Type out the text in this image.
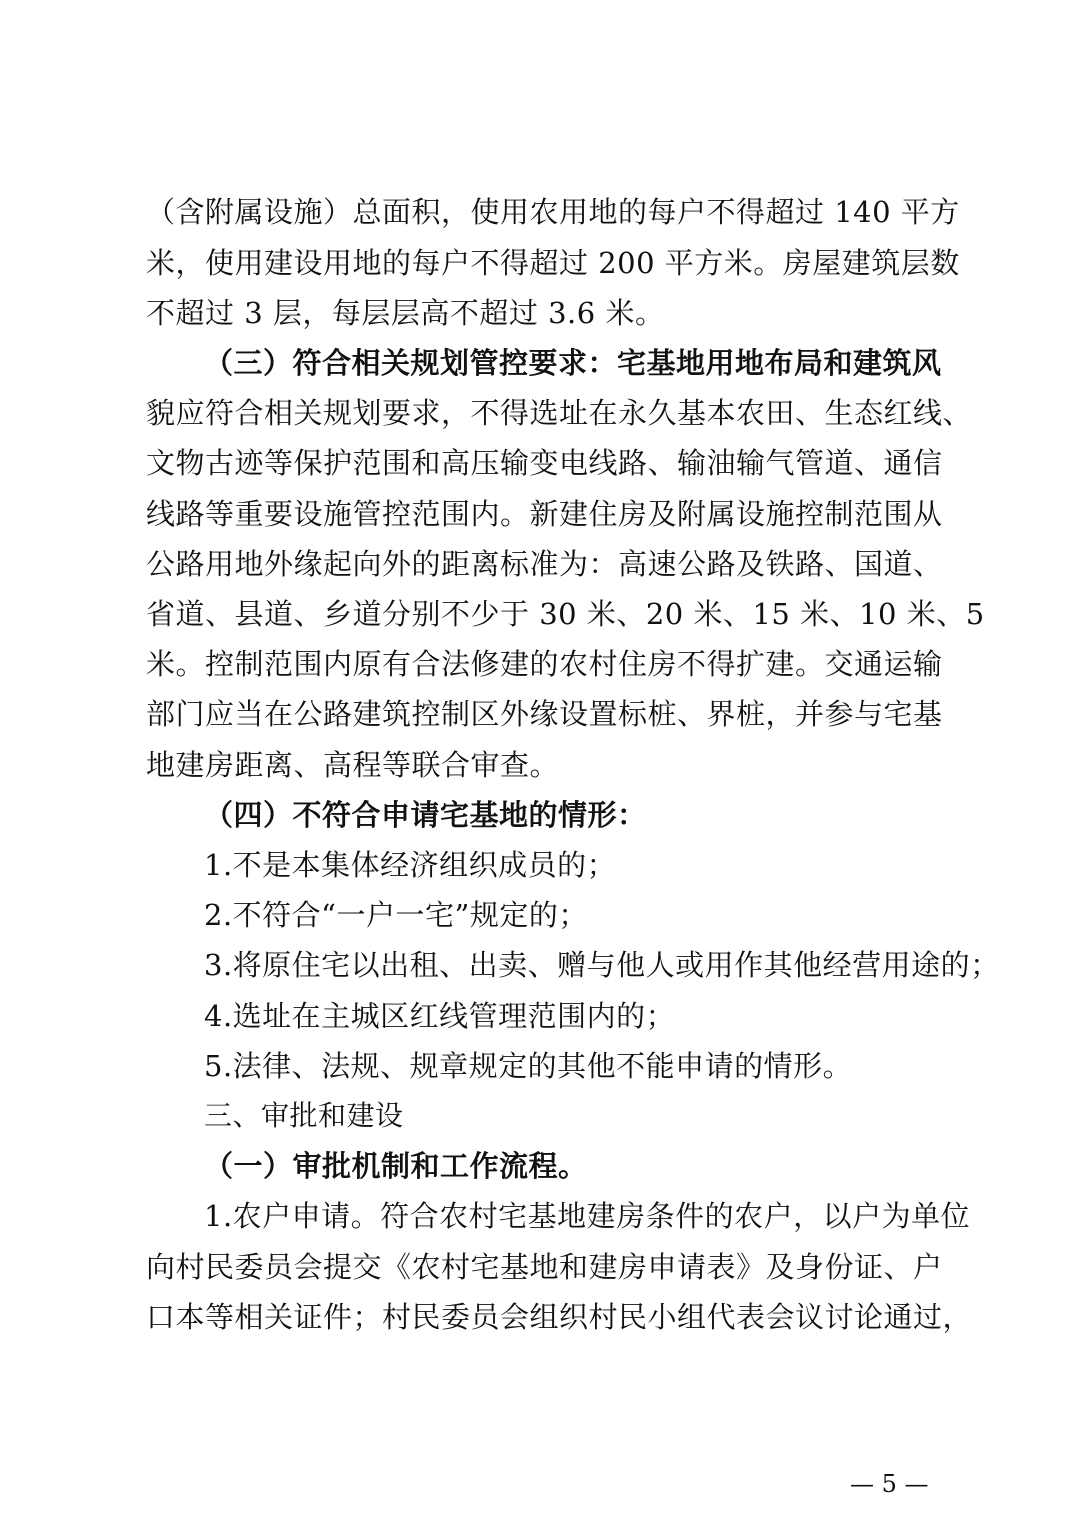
（含附属设施）总面积，使用农用地的每户不得超过 140 平方
米，使用建设用地的每户不得超过 200 平方米。房屋建筑层数
不超过 3 层，每层层高不超过 3.6 米。
（三）符合相关规划管控要求：宅基地用地布局和建筑风
貌应符合相关规划要求，不得选址在永久基本农田、生态红线、
文物古迹等保护范围和高压输变电线路、输油输气管道、通信
线路等重要设施管控范围内。新建住房及附属设施控制范围从
公路用地外缘起向外的距离标准为：高速公路及铁路、国道、
省道、县道、乡道分别不少于 30 米、20 米、15 米、10 米、5
米。控制范围内原有合法修建的农村住房不得扩建。交通运输
部门应当在公路建筑控制区外缘设置标桩、界桩，并参与宅基
地建房距离、高程等联合审查。
（四）不符合申请宅基地的情形：
1.不是本集体经济组织成员的；
2.不符合“一户一宅”规定的；
3.将原住宅以出租、出卖、赠与他人或用作其他经营用途的；
4.选址在主城区红线管理范围内的；
5.法律、法规、规章规定的其他不能申请的情形。
三、审批和建设
（一）审批机制和工作流程。
1.农户申请。符合农村宅基地建房条件的农户，以户为单位
向村民委员会提交《农村宅基地和建房申请表》及身份证、户
口本等相关证件；村民委员会组织村民小组代表会议讨论通过，
— 5 —
